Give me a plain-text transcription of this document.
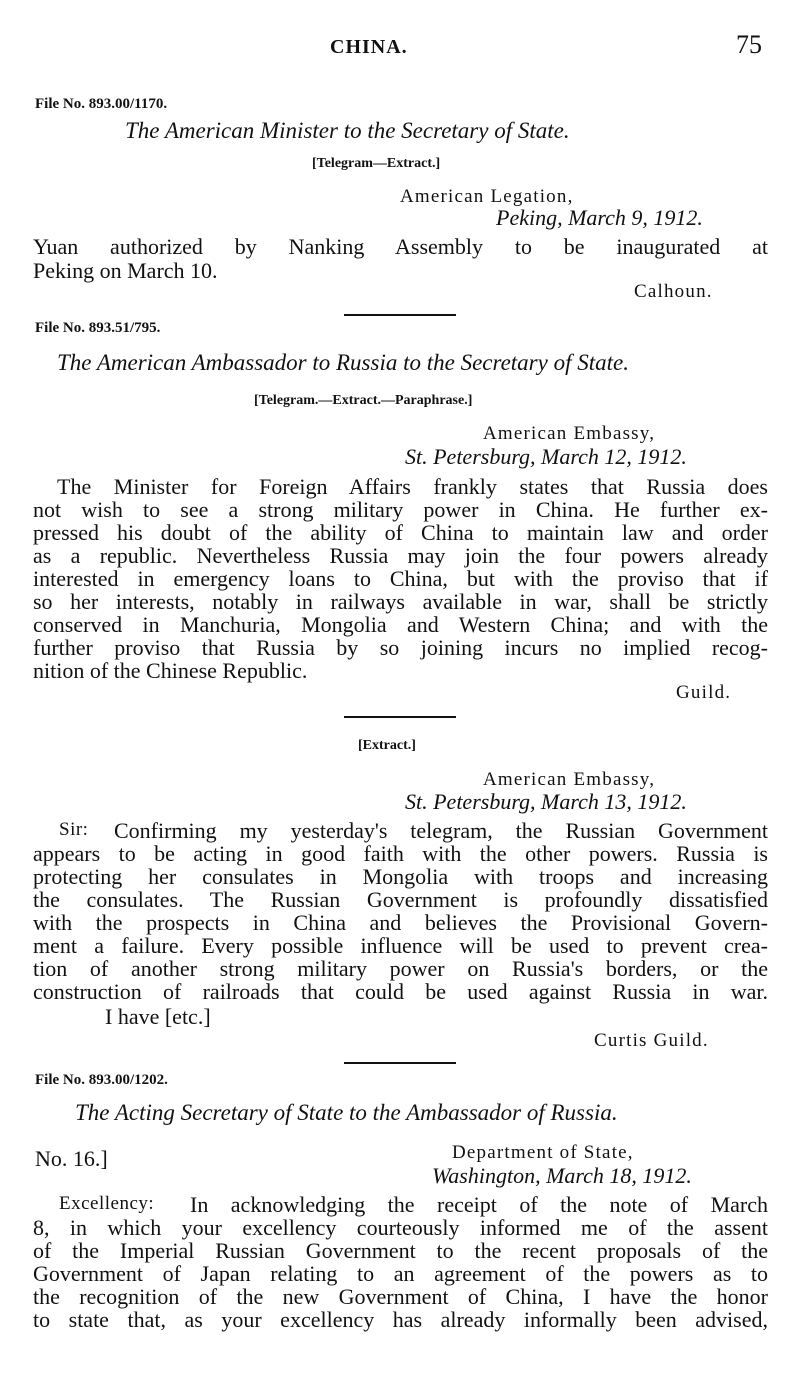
CHINA.	75
File No. 893.00/1170.
The American Minister to the Secretary of State.
[Telegram—Extract.]
American Legation,
Peking, March 9, 1912.
Yuan authorized by Nanking Assembly to be inaugurated at
Peking on March 10.
Calhoun.
File No. 893.51/795.
The American Ambassador to Russia to the Secretary of State.
[Telegram.—Extract.—Paraphrase.]
American Embassy,
St. Petersburg, March 12, 1912.
The Minister for Foreign Affairs frankly states that Russia does
not wish to see a strong military power in China. He further ex-
pressed his doubt of the ability of China to maintain law and order
as a republic. Nevertheless Russia may join the four powers already
interested in emergency loans to China, but with the proviso that if
so her interests, notably in railways available in war, shall be strictly
conserved in Manchuria, Mongolia and Western China; and with the
further proviso that Russia by so joining incurs no implied recog-
nition of the Chinese Republic.
Guild.
[Extract.]
American Embassy,
St. Petersburg, March 13, 1912.
Sir: Confirming my yesterday's telegram, the Russian Government
appears to be acting in good faith with the other powers. Russia is
protecting her consulates in Mongolia with troops and increasing
the consulates. The Russian Government is profoundly dissatisfied
with the prospects in China and believes the Provisional Govern-
ment a failure. Every possible influence will be used to prevent crea-
tion of another strong military power on Russia's borders, or the
construction of railroads that could be used against Russia in war.
I have [etc.]
Curtis Guild.
File No. 893.00/1202.
The Acting Secretary of State to the Ambassador of Russia.
No. 16.]	Department of State,
Washington, March 18, 1912.
Excellency: In acknowledging the receipt of the note of March
8, in which your excellency courteously informed me of the assent
of the Imperial Russian Government to the recent proposals of the
Government of Japan relating to an agreement of the powers as to
the recognition of the new Government of China, I have the honor
to state that, as your excellency has already informally been advised,
